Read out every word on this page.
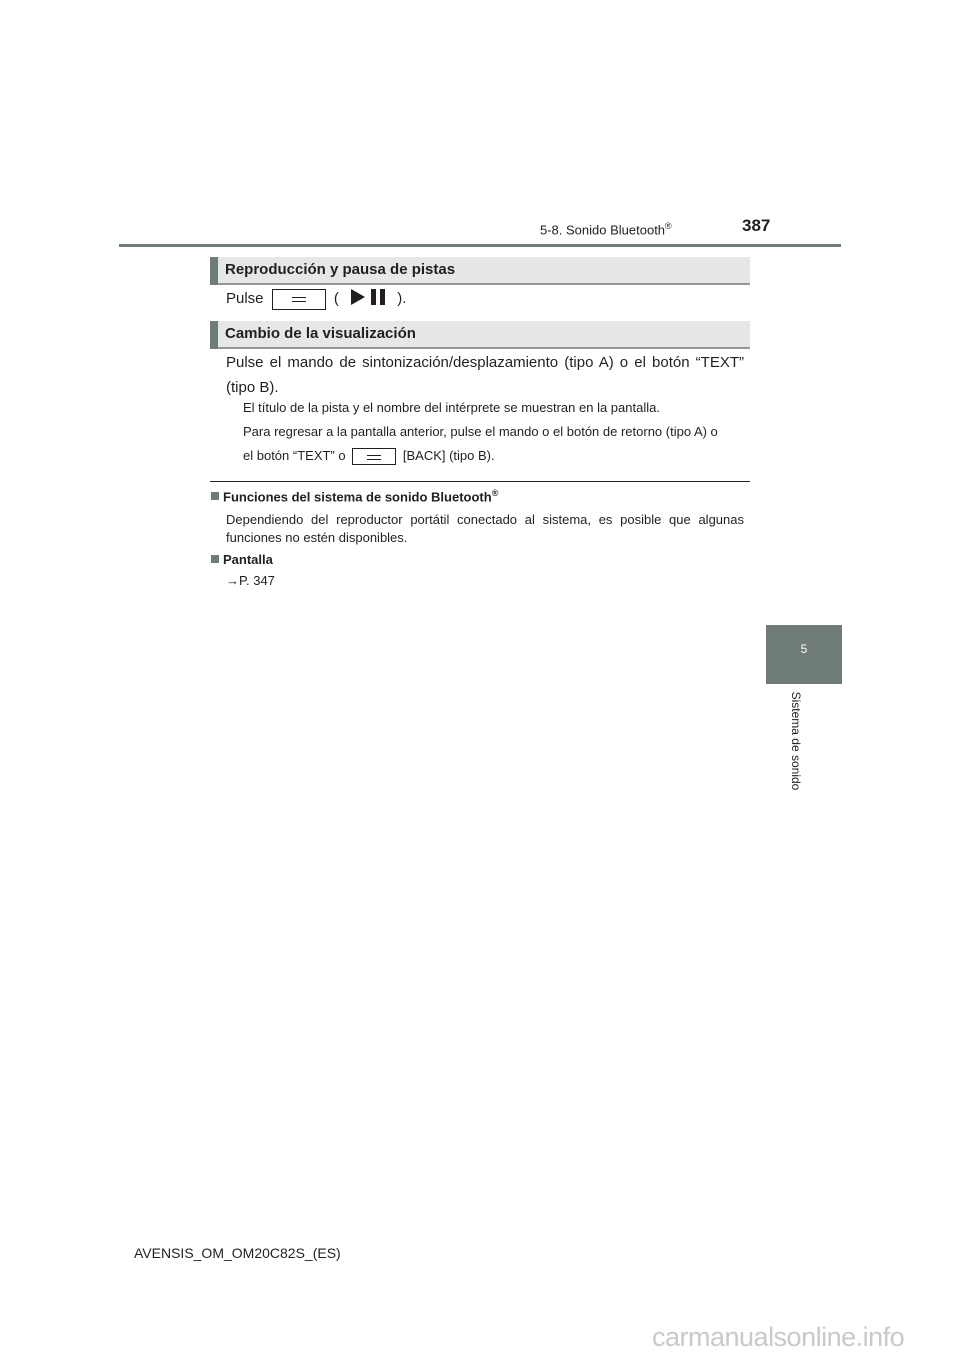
5-8. Sonido Bluetooth®	387
5
Sistema de sonido
Reproducción y pausa de pistas
Pulse	(	).
Cambio de la visualización
Pulse el mando de sintonización/desplazamiento (tipo A) o el botón “TEXT” (tipo B).
El título de la pista y el nombre del intérprete se muestran en la pantalla.
Para regresar a la pantalla anterior, pulse el mando o el botón de retorno (tipo A) o
el botón “TEXT” o	[BACK] (tipo B).
Funciones del sistema de sonido Bluetooth®
Dependiendo del reproductor portátil conectado al sistema, es posible que algunas funciones no estén disponibles.
Pantalla
→P. 347
AVENSIS_OM_OM20C82S_(ES)
carmanualsonline.info
